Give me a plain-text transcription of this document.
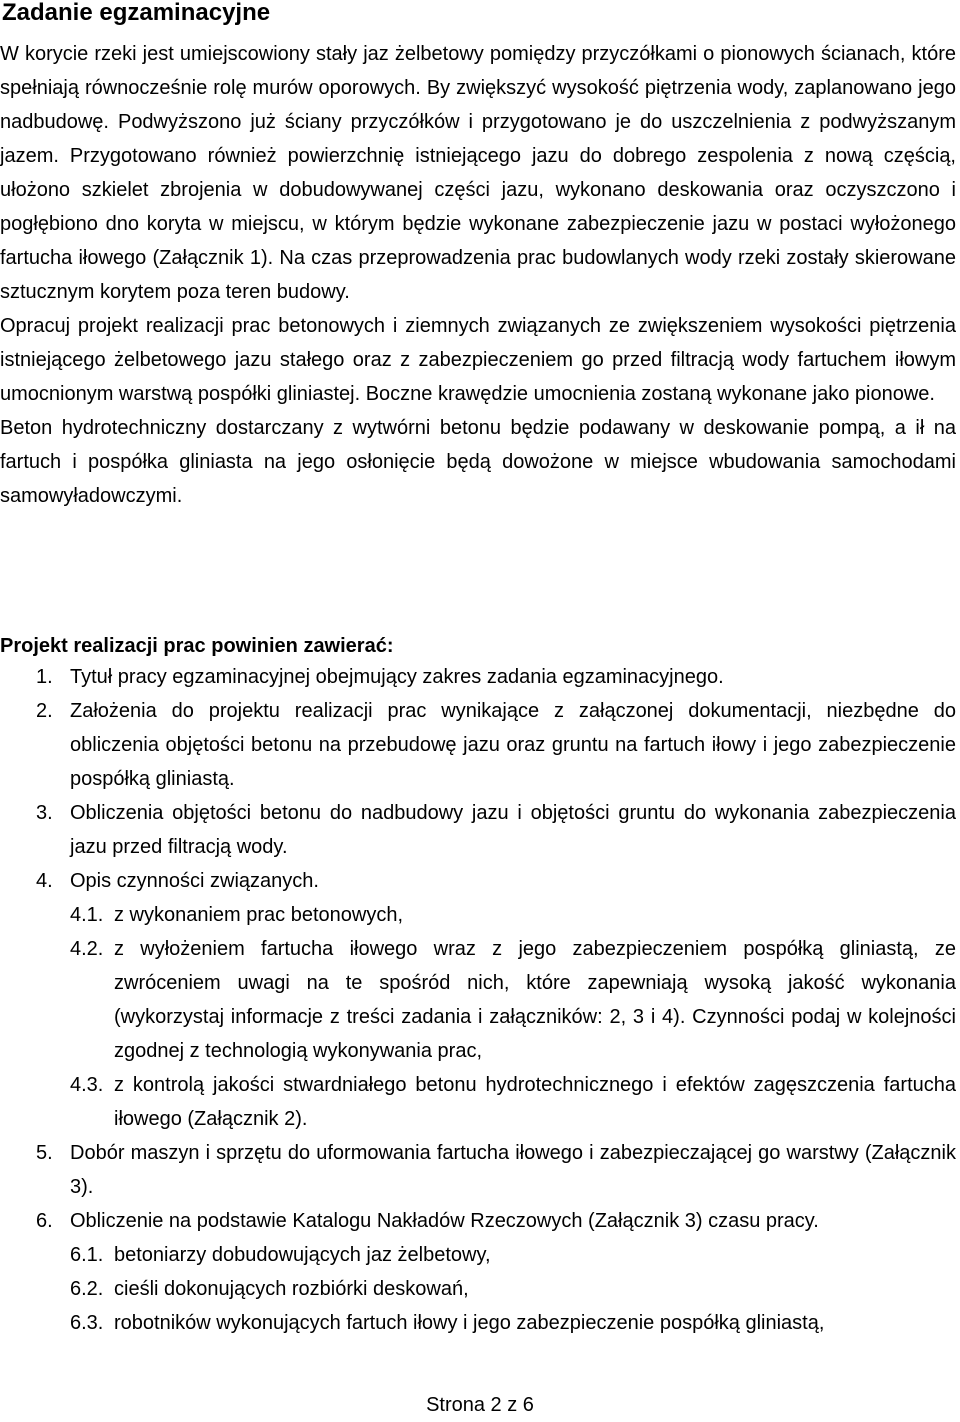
Zadanie egzaminacyjne

W korycie rzeki jest umiejscowiony stały jaz żelbetowy pomiędzy przyczółkami o pionowych ścianach, które spełniają równocześnie rolę murów oporowych. By zwiększyć wysokość piętrzenia wody, zaplanowano jego nadbudowę. Podwyższono już ściany przyczółków i przygotowano je do uszczelnienia z podwyższanym jazem. Przygotowano również powierzchnię istniejącego jazu do dobrego zespolenia z nową częścią, ułożono szkielet zbrojenia w dobudowywanej części jazu, wykonano deskowania oraz oczyszczono i pogłębiono dno koryta w miejscu, w którym będzie wykonane zabezpieczenie jazu w postaci wyłożonego fartucha iłowego (Załącznik 1). Na czas przeprowadzenia prac budowlanych wody rzeki zostały skierowane sztucznym korytem poza teren budowy.

Opracuj projekt realizacji prac betonowych i ziemnych związanych ze zwiększeniem wysokości piętrzenia istniejącego żelbetowego jazu stałego oraz z zabezpieczeniem go przed filtracją wody fartuchem iłowym umocnionym warstwą pospółki gliniastej. Boczne krawędzie umocnienia zostaną wykonane jako pionowe.

Beton hydrotechniczny dostarczany z wytwórni betonu będzie podawany w deskowanie pompą, a ił na fartuch i pospółka gliniasta na jego osłonięcie będą dowożone w miejsce wbudowania samochodami samowyładowczymi.

Projekt realizacji prac powinien zawierać:
1. Tytuł pracy egzaminacyjnej obejmujący zakres zadania egzaminacyjnego.
2. Założenia do projektu realizacji prac wynikające z załączonej dokumentacji, niezbędne do obliczenia objętości betonu na przebudowę jazu oraz gruntu na fartuch iłowy i jego zabezpieczenie pospółką gliniastą.
3. Obliczenia objętości betonu do nadbudowy jazu i objętości gruntu do wykonania zabezpieczenia jazu przed filtracją wody.
4. Opis czynności związanych.
4.1. z wykonaniem prac betonowych,
4.2. z wyłożeniem fartucha iłowego wraz z jego zabezpieczeniem pospółką gliniastą, ze zwróceniem uwagi na te spośród nich, które zapewniają wysoką jakość wykonania (wykorzystaj informacje z treści zadania i załączników: 2, 3 i 4). Czynności podaj w kolejności zgodnej z technologią wykonywania prac,
4.3. z kontrolą jakości stwardniałego betonu hydrotechnicznego i efektów zagęszczenia fartucha iłowego (Załącznik 2).
5. Dobór maszyn i sprzętu do uformowania fartucha iłowego i zabezpieczającej go warstwy (Załącznik 3).
6. Obliczenie na podstawie Katalogu Nakładów Rzeczowych (Załącznik 3) czasu pracy.
6.1. betoniarzy dobudowujących jaz żelbetowy,
6.2. cieśli dokonujących rozbiórki deskowań,
6.3. robotników wykonujących fartuch iłowy i jego zabezpieczenie pospółką gliniastą,
Strona 2 z 6
